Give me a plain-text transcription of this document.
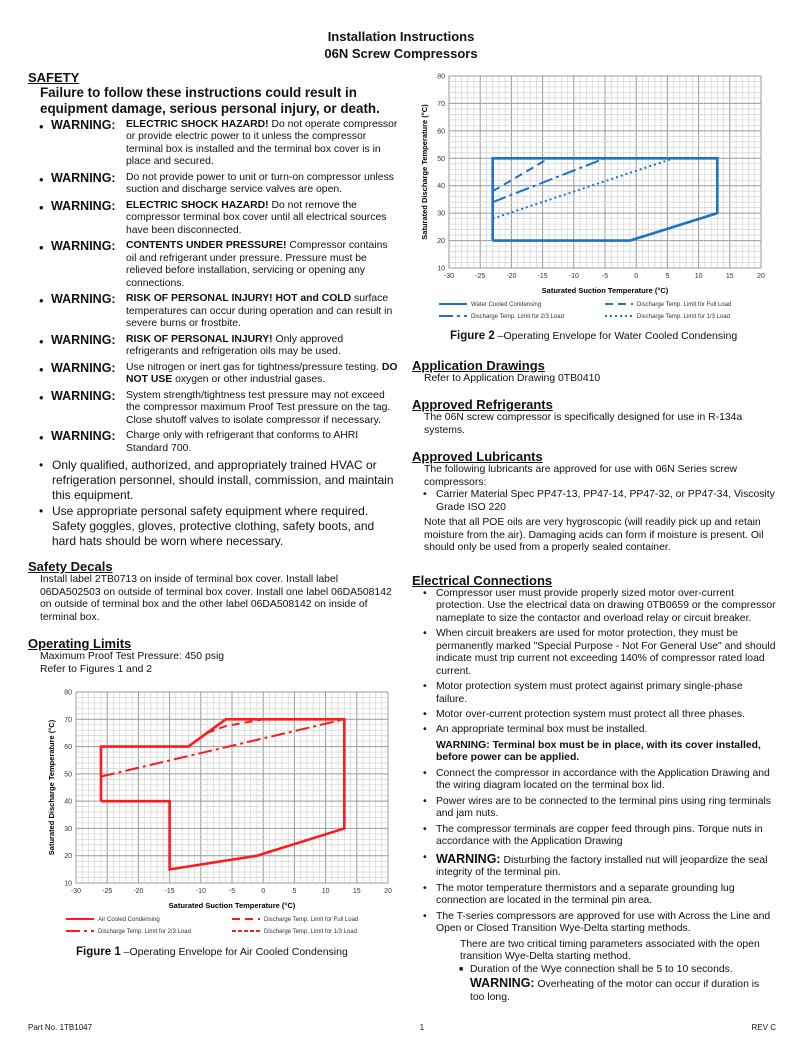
Installation Instructions
06N Screw Compressors
SAFETY
Failure to follow these instructions could result in equipment damage, serious personal injury, or death.
• WARNING: ELECTRIC SHOCK HAZARD! Do not operate compressor or provide electric power to it unless the compressor terminal box is installed and the terminal box cover is in place and secured.
• WARNING: Do not provide power to unit or turn-on compressor unless suction and discharge service valves are open.
• WARNING: ELECTRIC SHOCK HAZARD! Do not remove the compressor terminal box cover until all electrical sources have been disconnected.
• WARNING: CONTENTS UNDER PRESSURE! Compressor contains oil and refrigerant under pressure. Pressure must be relieved before installation, servicing or opening any connections.
• WARNING: RISK OF PERSONAL INJURY! HOT and COLD surface temperatures can occur during operation and can result in severe burns or frostbite.
• WARNING: RISK OF PERSONAL INJURY! Only approved refrigerants and refrigeration oils may be used.
• WARNING: Use nitrogen or inert gas for tightness/pressure testing. DO NOT USE oxygen or other industrial gases.
• WARNING: System strength/tightness test pressure may not exceed the compressor maximum Proof Test pressure on the tag. Close shutoff valves to isolate compressor if necessary.
• WARNING: Charge only with refrigerant that conforms to AHRI Standard 700.
• Only qualified, authorized, and appropriately trained HVAC or refrigeration personnel, should install, commission, and maintain this equipment.
• Use appropriate personal safety equipment where required. Safety goggles, gloves, protective clothing, safety boots, and hard hats should be worn where necessary.
Safety Decals
Install label 2TB0713 on inside of terminal box cover. Install label 06DA502503 on outside of terminal box cover. Install one label 06DA508142 on outside of terminal box and the other label 06DA508142 on inside of terminal box.
Operating Limits
Maximum Proof Test Pressure: 450 psig
Refer to Figures 1 and 2
-30	-25	-20	-15	-10	-5	0	5	10	15	20
10
20
30
40
50
60
70
80
Saturated Suction Temperature (°C)
Saturated Discharge Temperature (°C)
Air Cooled Condensing	Discharge Temp. Limit for Full Load
Discharge Temp. Limit for 2/3 Load	Discharge Temp. Limit for 1/3 Load
Figure 1 –Operating Envelope for Air Cooled Condensing
-30	-25	-20	-15	-10	-5	0	5	10	15	20
10
20
30
40
50
60
70
80
Saturated Suction Temperature (°C)
Saturated Discharge Temperature (°C)
Water Cooled Condensing	Discharge Temp. Limit for Full Load
Discharge Temp. Limit for 2/3 Load	Discharge Temp. Limit for 1/3 Load
Figure 2 –Operating Envelope for Water Cooled Condensing
Application Drawings
Refer to Application Drawing 0TB0410
Approved Refrigerants
The 06N screw compressor is specifically designed for use in R-134a systems.
Approved Lubricants
The following lubricants are approved for use with 06N Series screw compressors:
• Carrier Material Spec PP47-13, PP47-14, PP47-32, or PP47-34, Viscosity Grade ISO 220
Note that all POE oils are very hygroscopic (will readily pick up and retain moisture from the air). Damaging acids can form if moisture is present. Oil should only be used from a properly sealed container.
Electrical Connections
• Compressor user must provide properly sized motor over-current protection. Use the electrical data on drawing 0TB0659 or the compressor nameplate to size the contactor and overload relay or circuit breaker.
• When circuit breakers are used for motor protection, they must be permanently marked "Special Purpose - Not For General Use" and should indicate must trip current not exceeding 140% of compressor rated load current.
• Motor protection system must protect against primary single-phase failure.
• Motor over-current protection system must protect all three phases.
• An appropriate terminal box must be installed.
WARNING: Terminal box must be in place, with its cover installed, before power can be applied.
• Connect the compressor in accordance with the Application Drawing and the wiring diagram located on the terminal box lid.
• Power wires are to be connected to the terminal pins using ring terminals and jam nuts.
• The compressor terminals are copper feed through pins. Torque nuts in accordance with the Application Drawing
• WARNING: Disturbing the factory installed nut will jeopardize the seal integrity of the terminal pin.
• The motor temperature thermistors and a separate grounding lug connection are located in the terminal pin area.
• The T-series compressors are approved for use with Across the Line and Open or Closed Transition Wye-Delta starting methods.
There are two critical timing parameters associated with the open transition Wye-Delta starting method.
■ Duration of the Wye connection shall be 5 to 10 seconds.
WARNING: Overheating of the motor can occur if duration is too long.
Part No. 1TB1047	1	REV C
